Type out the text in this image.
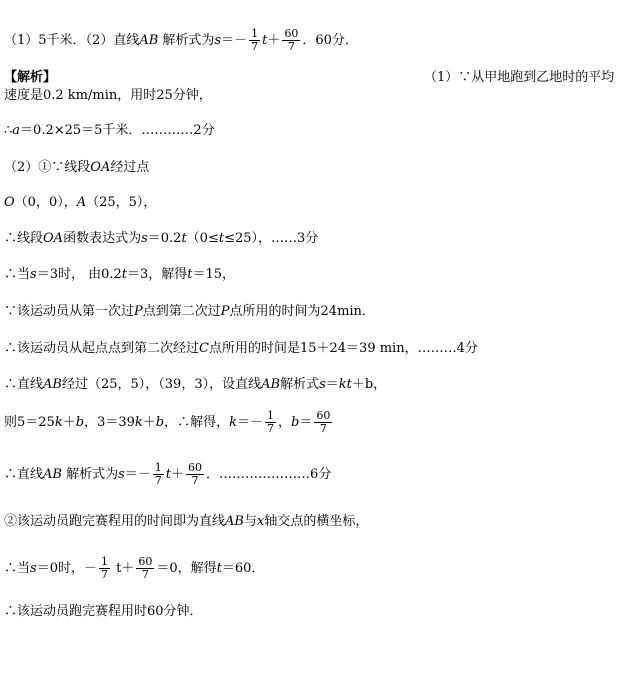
（1）5千米．（2）直线AB 解析式为$s=- \frac{1}{7} t+ \frac{60}{7}$ ．60分．
【解析】	（1）∵从甲地跑到乙地时的平均
速度是0.2 km/min，用时25分钟，
∴a＝0.2×25＝5千米．…………2分
（2）①∵线段OA经过点
O（0，0），A（25，5），
∴线段OA函数表达式为s＝0.2t（0≤t≤25），……3分
∴当s＝3时， 由0.2t＝3，解得t＝15，
∵该运动员从第一次过P点到第二次过P点所用的时间为24min．
∴该运动员从起点点到第二次经过C点所用的时间是15＋24＝39 min，………4分
∴直线AB经过（25，5），（39，3），设直线AB解析式s＝kt＋b，
则5＝25k＋b，3＝39k＋b，∴解得，$k=- \frac{1}{7}$ ，$b= \frac{60}{7}$
∴直线AB 解析式为$s=- \frac{1}{7} t+ \frac{60}{7}$ ．…………………6分
②该运动员跑完赛程用的时间即为直线AB与x轴交点的横坐标，
∴当s＝0时，－ $\frac{1}{7} t+ \frac{60}{7} =0$，解得t＝60．
∴该运动员跑完赛程用时60分钟．
